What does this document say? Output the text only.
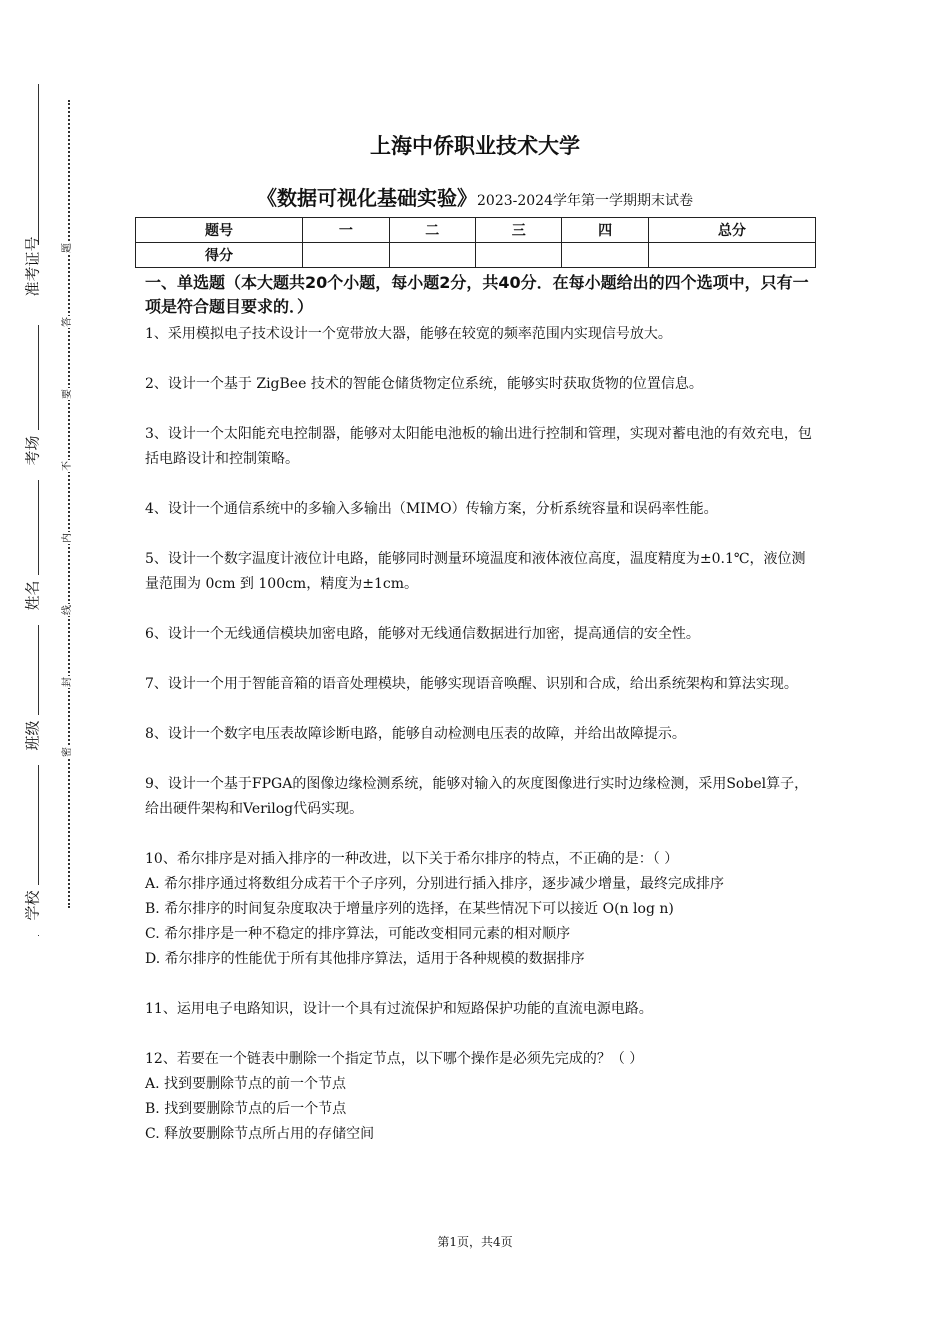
准考证号
考场
姓名
班级
学校
题
答
要
不
内
线
封
密
上海中侨职业技术大学
《数据可视化基础实验》2023-2024学年第一学期期末试卷
题号	一	二	三	四	总分
得分					
一、单选题（本大题共20个小题，每小题2分，共40分．在每小题给出的四个选项中，只有一项是符合题目要求的．）
1、采用模拟电子技术设计一个宽带放大器，能够在较宽的频率范围内实现信号放大。
2、设计一个基于 ZigBee 技术的智能仓储货物定位系统，能够实时获取货物的位置信息。
3、设计一个太阳能充电控制器，能够对太阳能电池板的输出进行控制和管理，实现对蓄电池的有效充电，包括电路设计和控制策略。
4、设计一个通信系统中的多输入多输出（MIMO）传输方案，分析系统容量和误码率性能。
5、设计一个数字温度计液位计电路，能够同时测量环境温度和液体液位高度，温度精度为±0.1℃，液位测量范围为 0cm 到 100cm，精度为±1cm。
6、设计一个无线通信模块加密电路，能够对无线通信数据进行加密，提高通信的安全性。
7、设计一个用于智能音箱的语音处理模块，能够实现语音唤醒、识别和合成，给出系统架构和算法实现。
8、设计一个数字电压表故障诊断电路，能够自动检测电压表的故障，并给出故障提示。
9、设计一个基于FPGA的图像边缘检测系统，能够对输入的灰度图像进行实时边缘检测，采用Sobel算子，给出硬件架构和Verilog代码实现。
10、希尔排序是对插入排序的一种改进，以下关于希尔排序的特点，不正确的是：（ ）
A. 希尔排序通过将数组分成若干个子序列，分别进行插入排序，逐步减少增量，最终完成排序
B. 希尔排序的时间复杂度取决于增量序列的选择，在某些情况下可以接近 O(n log n)
C. 希尔排序是一种不稳定的排序算法，可能改变相同元素的相对顺序
D. 希尔排序的性能优于所有其他排序算法，适用于各种规模的数据排序
11、运用电子电路知识，设计一个具有过流保护和短路保护功能的直流电源电路。
12、若要在一个链表中删除一个指定节点，以下哪个操作是必须先完成的？（ ）
A. 找到要删除节点的前一个节点
B. 找到要删除节点的后一个节点
C. 释放要删除节点所占用的存储空间
第1页，共4页
